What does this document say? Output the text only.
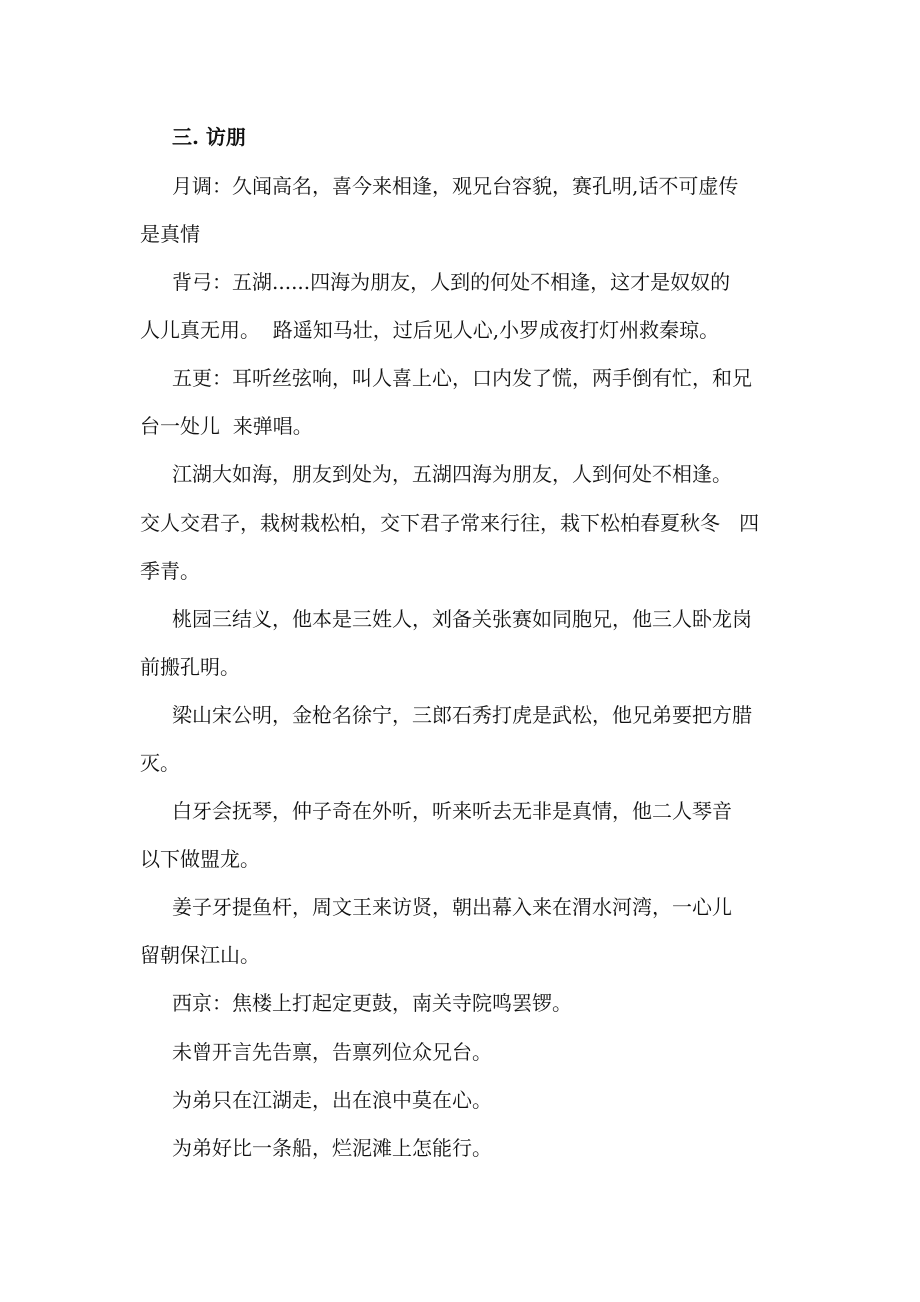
三. 访朋
月调：久闻高名，喜今来相逢，观兄台容貌，赛孔明,话不可虚传
是真情
背弓：五湖......四海为朋友，人到的何处不相逢，这才是奴奴的
人儿真无用。  路遥知马壮，过后见人心,小罗成夜打灯州救秦琼。
五更：耳听丝弦响，叫人喜上心，口内发了慌，两手倒有忙，和兄
台一处儿  来弹唱。
江湖大如海，朋友到处为，五湖四海为朋友，人到何处不相逢。
交人交君子，栽树栽松柏，交下君子常来行往，栽下松柏春夏秋冬   四
季青。
桃园三结义，他本是三姓人，刘备关张赛如同胞兄，他三人卧龙岗
前搬孔明。
梁山宋公明，金枪名徐宁，三郎石秀打虎是武松，他兄弟要把方腊
灭。
白牙会抚琴，仲子奇在外听，听来听去无非是真情，他二人琴音
以下做盟龙。
姜子牙提鱼杆，周文王来访贤，朝出幕入来在渭水河湾，一心儿
留朝保江山。
西京：焦楼上打起定更鼓，南关寺院鸣罢锣。
未曾开言先告禀，告禀列位众兄台。
为弟只在江湖走，出在浪中莫在心。
为弟好比一条船，烂泥滩上怎能行。
